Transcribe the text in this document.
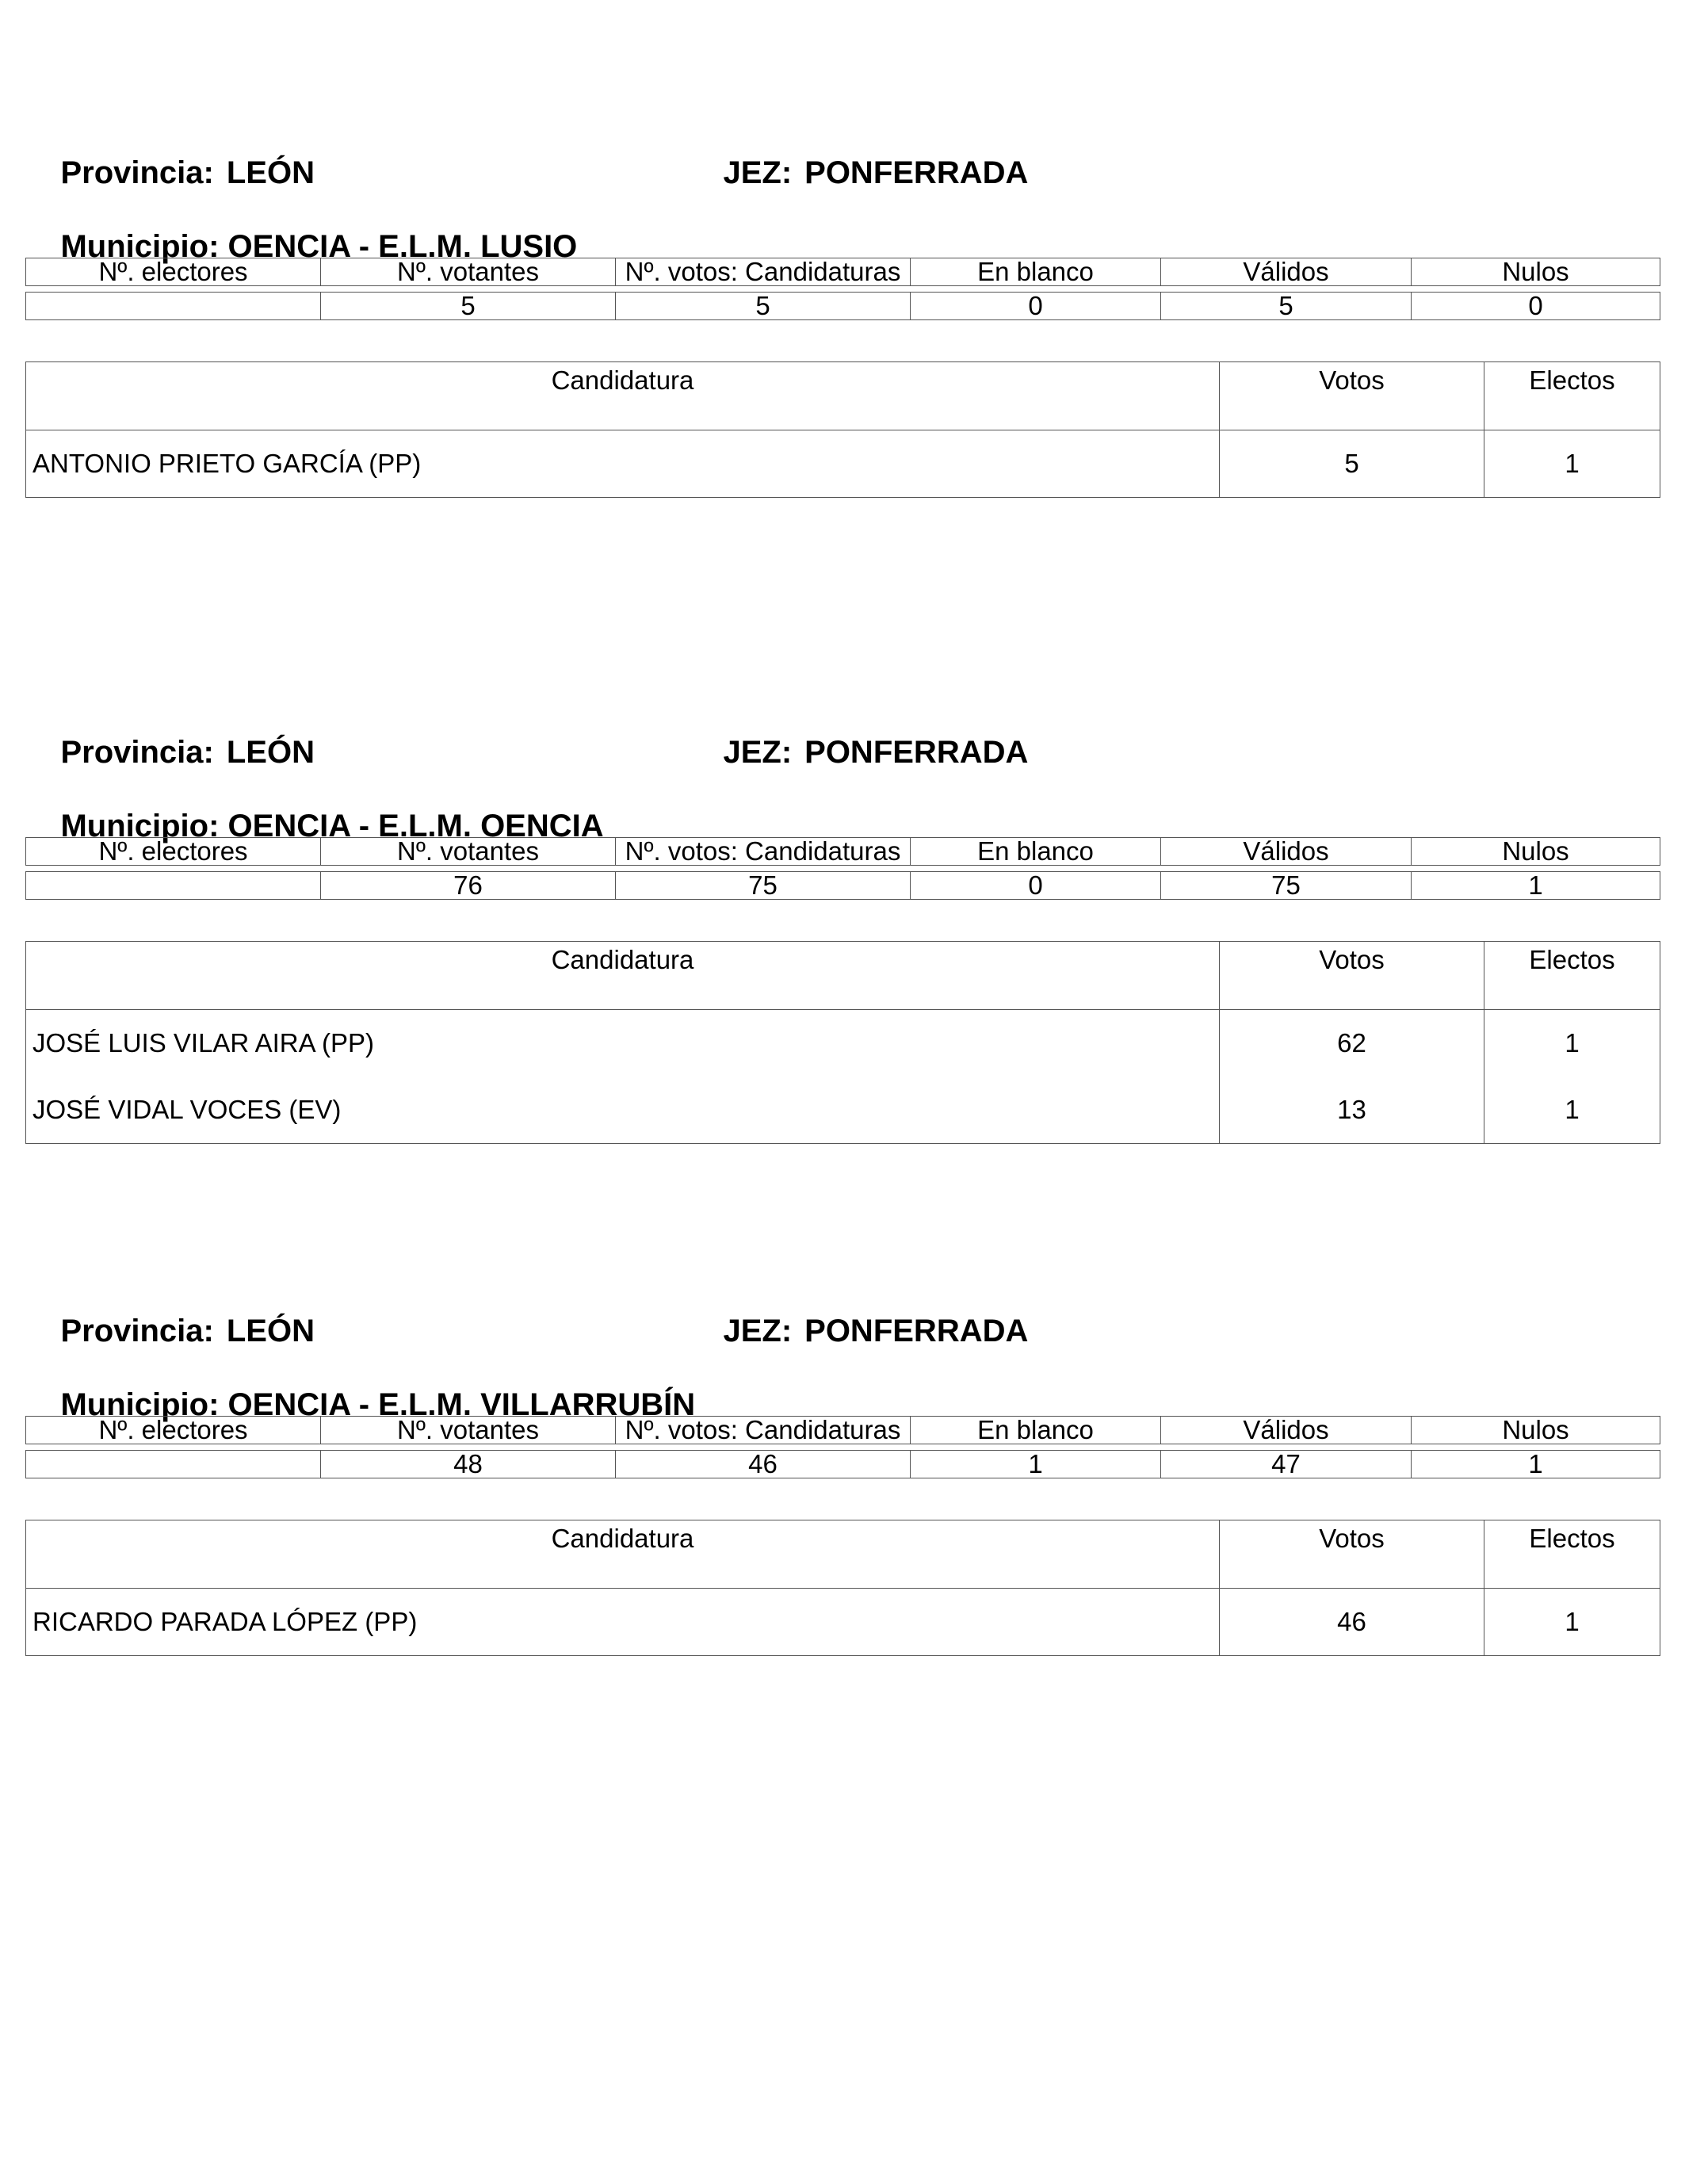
Provincia: LEÓN
	JEZ: PONFERRADA

Municipio: OENCIA - E.L.M. LUSIO

Nº. electores	Nº. votantes	Nº. votos: Candidaturas	En blanco	Válidos	Nulos

	5	5	0	5	0
Candidatura	Votos	Electos
ANTONIO PRIETO GARCÍA (PP)	5	1

Provincia: LEÓN
	JEZ: PONFERRADA

Municipio: OENCIA - E.L.M. OENCIA

Nº. electores	Nº. votantes	Nº. votos: Candidaturas	En blanco	Válidos	Nulos

	76	75	0	75	1
Candidatura	Votos	Electos
JOSÉ LUIS VILAR AIRA (PP)	62	1
JOSÉ VIDAL VOCES (EV)	13	1

Provincia: LEÓN
	JEZ: PONFERRADA

Municipio: OENCIA - E.L.M. VILLARRUBÍN

Nº. electores	Nº. votantes	Nº. votos: Candidaturas	En blanco	Válidos	Nulos

	48	46	1	47	1
Candidatura	Votos	Electos
RICARDO PARADA LÓPEZ (PP)	46	1
